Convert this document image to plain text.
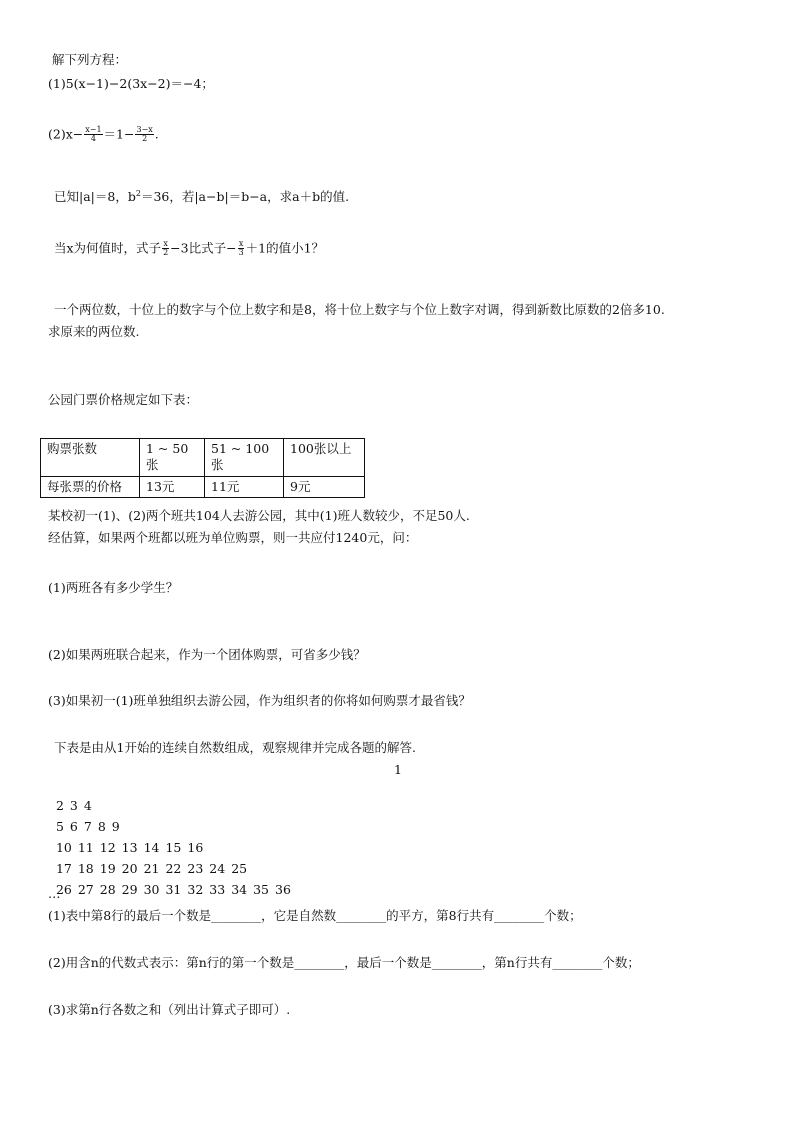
解下列方程：
(1)5(x−1)−2(3x−2)＝−4；
$(2)x- \frac{x-1}{4} =1- \frac{3-x}{2}$ .
已知|a|＝8，$b^2=36$，若|a−b|＝b−a，求a＋b的值.
当x为何值时，式子 $\frac{x}{2} -3$比式子− $\frac{x}{3} +1$的值小1？
一个两位数，十位上的数字与个位上数字和是8，将十位上数字与个位上数字对调，得到新数比原数的2倍多10.
求原来的两位数.
公园门票价格规定如下表：
购票张数	1 ~ 50 张	51 ~ 100 张	100张以上
每张票的价格	13元	11元	9元
某校初一(1)、(2)两个班共104人去游公园，其中(1)班人数较少，不足50人.
经估算，如果两个班都以班为单位购票，则一共应付1240元，问：
(1)两班各有多少学生？
(2)如果两班联合起来，作为一个团体购票，可省多少钱？
(3)如果初一(1)班单独组织去游公园，作为组织者的你将如何购票才最省钱？
下表是由从1开始的连续自然数组成，观察规律并完成各题的解答.
1

2 3 4

5 6 7 8 9

10 11 12 13 14 15 16

17 18 19 20 21 22 23 24 25

26 27 28 29 30 31 32 33 34 35 36

…
(1)表中第8行的最后一个数是________，它是自然数________的平方，第8行共有________个数；
(2)用含n的代数式表示：第n行的第一个数是________，最后一个数是________，第n行共有________个数；
(3)求第n行各数之和（列出计算式子即可）.
